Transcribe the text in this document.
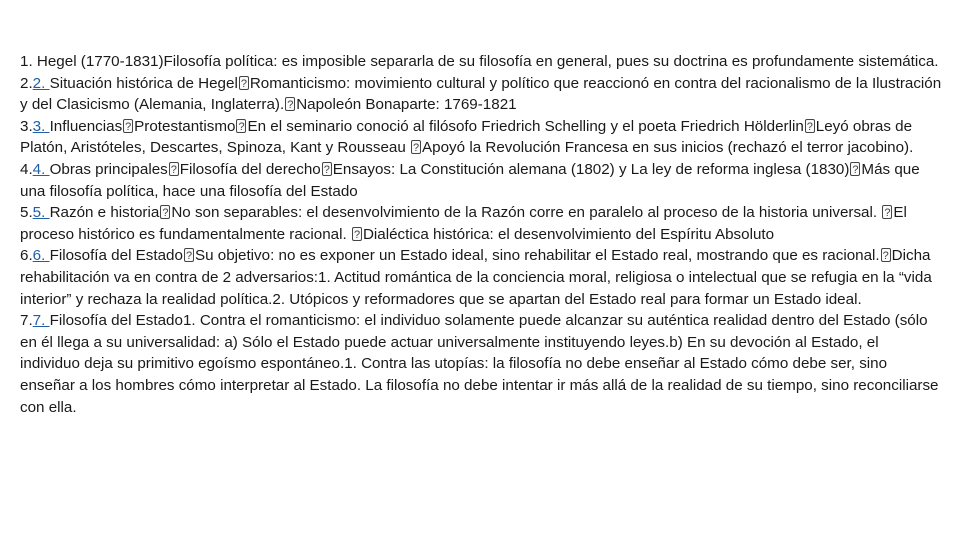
1. Hegel (1770-1831)Filosofía política: es imposible separarla de su filosofía en general, pues su doctrina es profundamente sistemática.

2.2. Situación histórica de Hegel ? Romanticismo: movimiento cultural y político que reaccionó en contra del racionalismo de la Ilustración y del Clasicismo (Alemania, Inglaterra). ? Napoleón Bonaparte: 1769-1821

3.3. Influencias ? Protestantismo ? En el seminario conoció al filósofo Friedrich Schelling y el poeta Friedrich Hölderlin ? Leyó obras de Platón, Aristóteles, Descartes, Spinoza, Kant y Rousseau ?Apoyó la Revolución Francesa en sus inicios (rechazó el terror jacobino).

4.4. Obras principales ? Filosofía del derecho ? Ensayos: La Constitución alemana (1802) y La ley de reforma inglesa (1830) ? Más que una filosofía política, hace una filosofía del Estado

5.5. Razón e historia ? No son separables: el desenvolvimiento de la Razón corre en paralelo al proceso de la historia universal. ?El proceso histórico es fundamentalmente racional. ?Dialéctica histórica: el desenvolvimiento del Espíritu Absoluto

6.6. Filosofía del Estado ? Su objetivo: no es exponer un Estado ideal, sino rehabilitar el Estado real, mostrando que es racional.? Dicha rehabilitación va en contra de 2 adversarios:1. Actitud romántica de la conciencia moral, religiosa o intelectual que se refugia en la “vida interior” y rechaza la realidad política.2. Utópicos y reformadores que se apartan del Estado real para formar un Estado ideal.

7.7. Filosofía del Estado1. Contra el romanticismo: el individuo solamente puede alcanzar su auténtica realidad dentro del Estado (sólo en él llega a su universalidad: a) Sólo el Estado puede actuar universalmente instituyendo leyes.b) En su devoción al Estado, el individuo deja su primitivo egoísmo espontáneo.1. Contra las utopías: la filosofía no debe enseñar al Estado cómo debe ser, sino enseñar a los hombres cómo interpretar al Estado. La filosofía no debe intentar ir más allá de la realidad de su tiempo, sino reconciliarse con ella.
